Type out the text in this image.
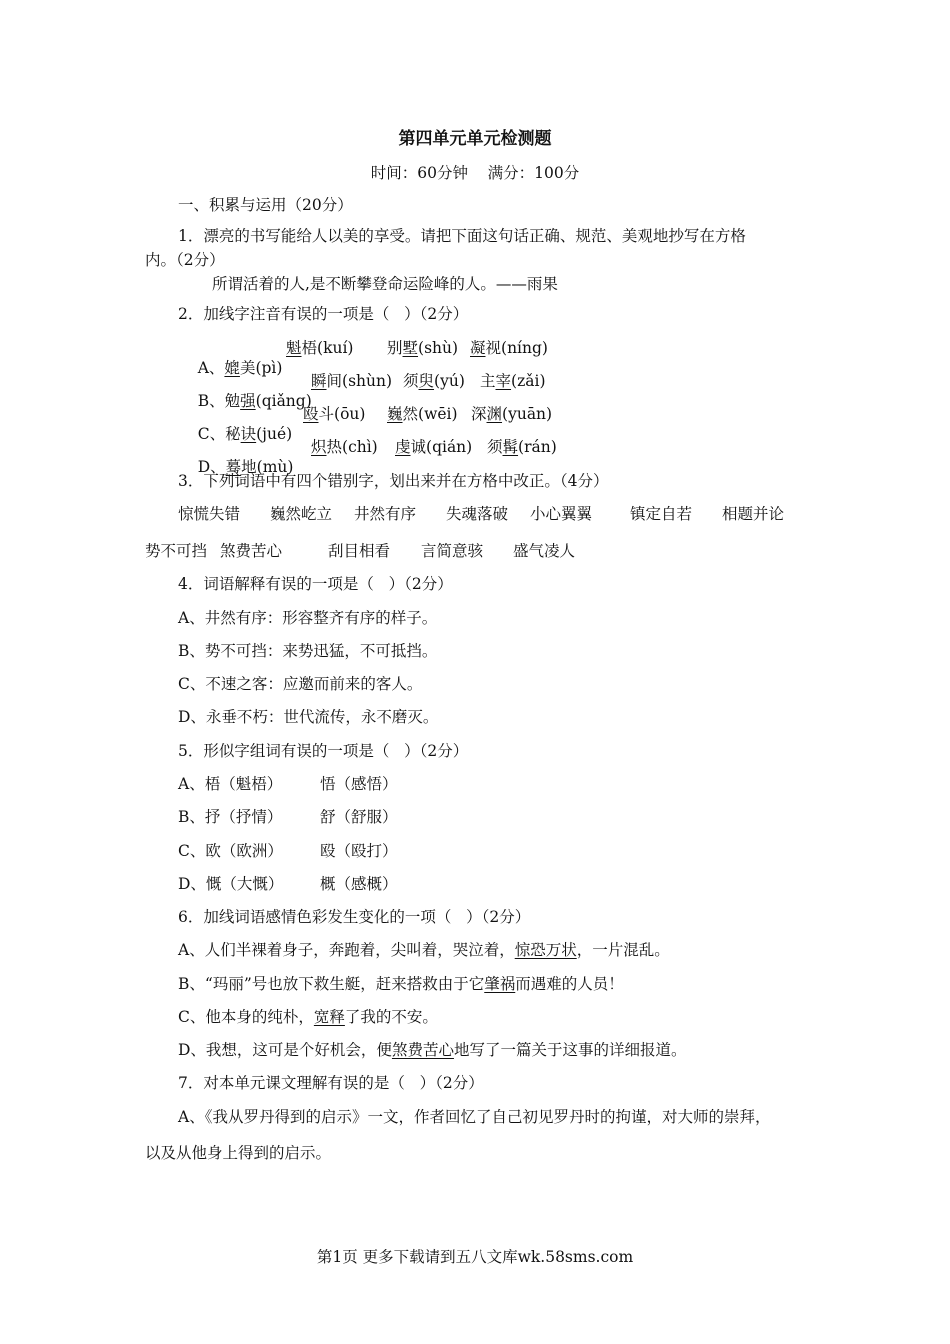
第四单元单元检测题
时间：60分钟    满分：100分
一、积累与运用（20分）
1．漂亮的书写能给人以美的享受。请把下面这句话正确、规范、美观地抄写在方格
内。（2分）
所谓活着的人,是不断攀登命运险峰的人。——雨果
2．加线字注音有误的一项是（   ）（2分）

A、媲美(pì)

魁梧(kuí) 别墅(shù) 凝视(níng)

B、勉强(qiǎng)

瞬间(shùn) 须臾(yú) 主宰(zǎi)

C、秘诀(jué)

殴斗(ōu) 巍然(wēi) 深渊(yuān)

D、蓦地(mù)

炽热(chì) 虔诚(qián) 须髯(rán)
3．下列词语中有四个错别字，划出来并在方格中改正。（4分）
惊慌失错 巍然屹立 井然有序 失魂落破 小心翼翼 镇定自若 相题并论
势不可挡 煞费苦心	刮目相看 言简意骇 盛气凌人
4．词语解释有误的一项是（   ）（2分）
A、井然有序：形容整齐有序的样子。
B、势不可挡：来势迅猛，不可抵挡。
C、不速之客：应邀而前来的客人。
D、永垂不朽：世代流传，永不磨灭。
5．形似字组词有误的一项是（   ）（2分）
A、梧（魁梧） 悟（感悟）
B、抒（抒情） 舒（舒服）
C、欧（欧洲） 殴（殴打）
D、慨（大慨） 概（感概）
6．加线词语感情色彩发生变化的一项（   ）（2分）
A、人们半裸着身子，奔跑着，尖叫着，哭泣着，惊恐万状，一片混乱。
B、“玛丽”号也放下救生艇，赶来搭救由于它肇祸而遇难的人员！
C、他本身的纯朴，宽释了我的不安。
D、我想，这可是个好机会，便煞费苦心地写了一篇关于这事的详细报道。
7．对本单元课文理解有误的是（   ）（2分）
A、《我从罗丹得到的启示》一文，作者回忆了自己初见罗丹时的拘谨，对大师的崇拜，
以及从他身上得到的启示。
第1页 更多下载请到五八文库wk.58sms.com
